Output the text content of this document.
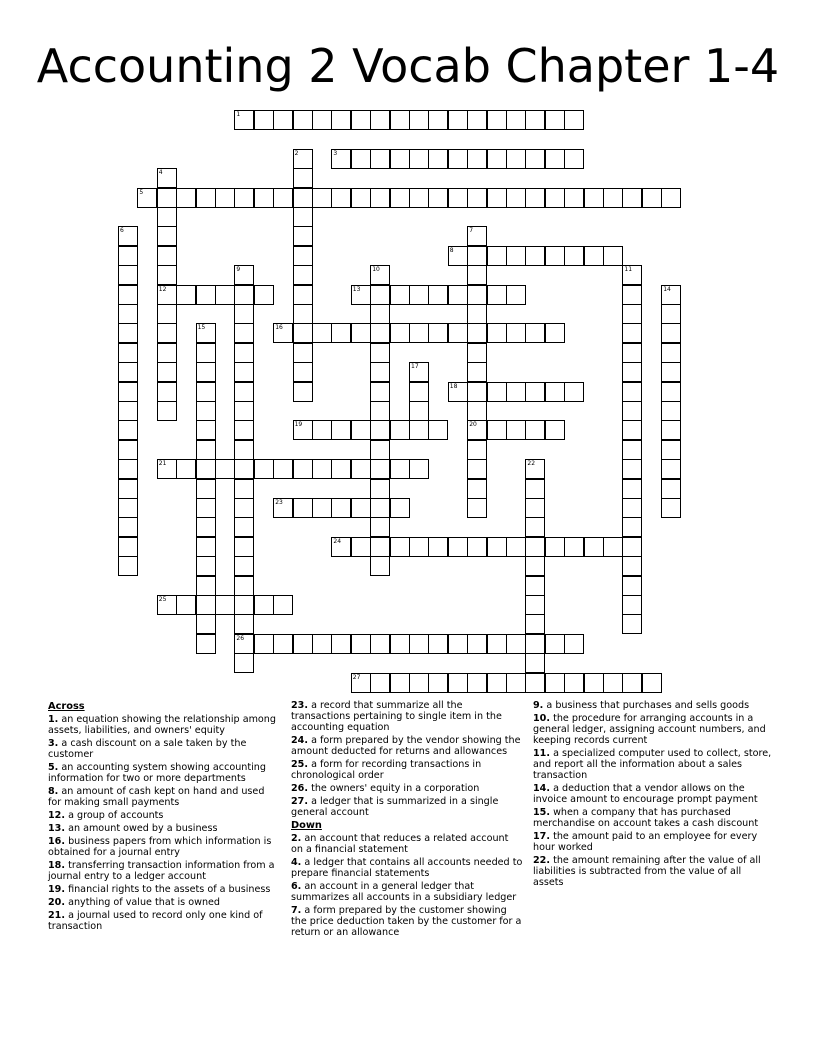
Accounting 2 Vocab Chapter 1-4
1
3
5
8
12	13
16
18
19	20
21
23
24
25
26
27
2
4
6	7
9	10	11
14
15
17
22
Across
1. an equation showing the relationship among assets, liabilities, and owners' equity
3. a cash discount on a sale taken by the customer
5. an accounting system showing accounting information for two or more departments
8. an amount of cash kept on hand and used for making small payments
12. a group of accounts
13. an amount owed by a business
16. business papers from which information is obtained for a journal entry
18. transferring transaction information from a journal entry to a ledger account
19. financial rights to the assets of a business
20. anything of value that is owned
21. a journal used to record only one kind of transaction
23. a record that summarize all the transactions pertaining to single item in the accounting equation
24. a form prepared by the vendor showing the amount deducted for returns and allowances
25. a form for recording transactions in chronological order
26. the owners' equity in a corporation
27. a ledger that is summarized in a single general account
Down
2. an account that reduces a related account on a financial statement
4. a ledger that contains all accounts needed to prepare financial statements
6. an account in a general ledger that summarizes all accounts in a subsidiary ledger
7. a form prepared by the customer showing the price deduction taken by the customer for a return or an allowance
9. a business that purchases and sells goods
10. the procedure for arranging accounts in a general ledger, assigning account numbers, and keeping records current
11. a specialized computer used to collect, store, and report all the information about a sales transaction
14. a deduction that a vendor allows on the invoice amount to encourage prompt payment
15. when a company that has purchased merchandise on account takes a cash discount
17. the amount paid to an employee for every hour worked
22. the amount remaining after the value of all liabilities is subtracted from the value of all assets
